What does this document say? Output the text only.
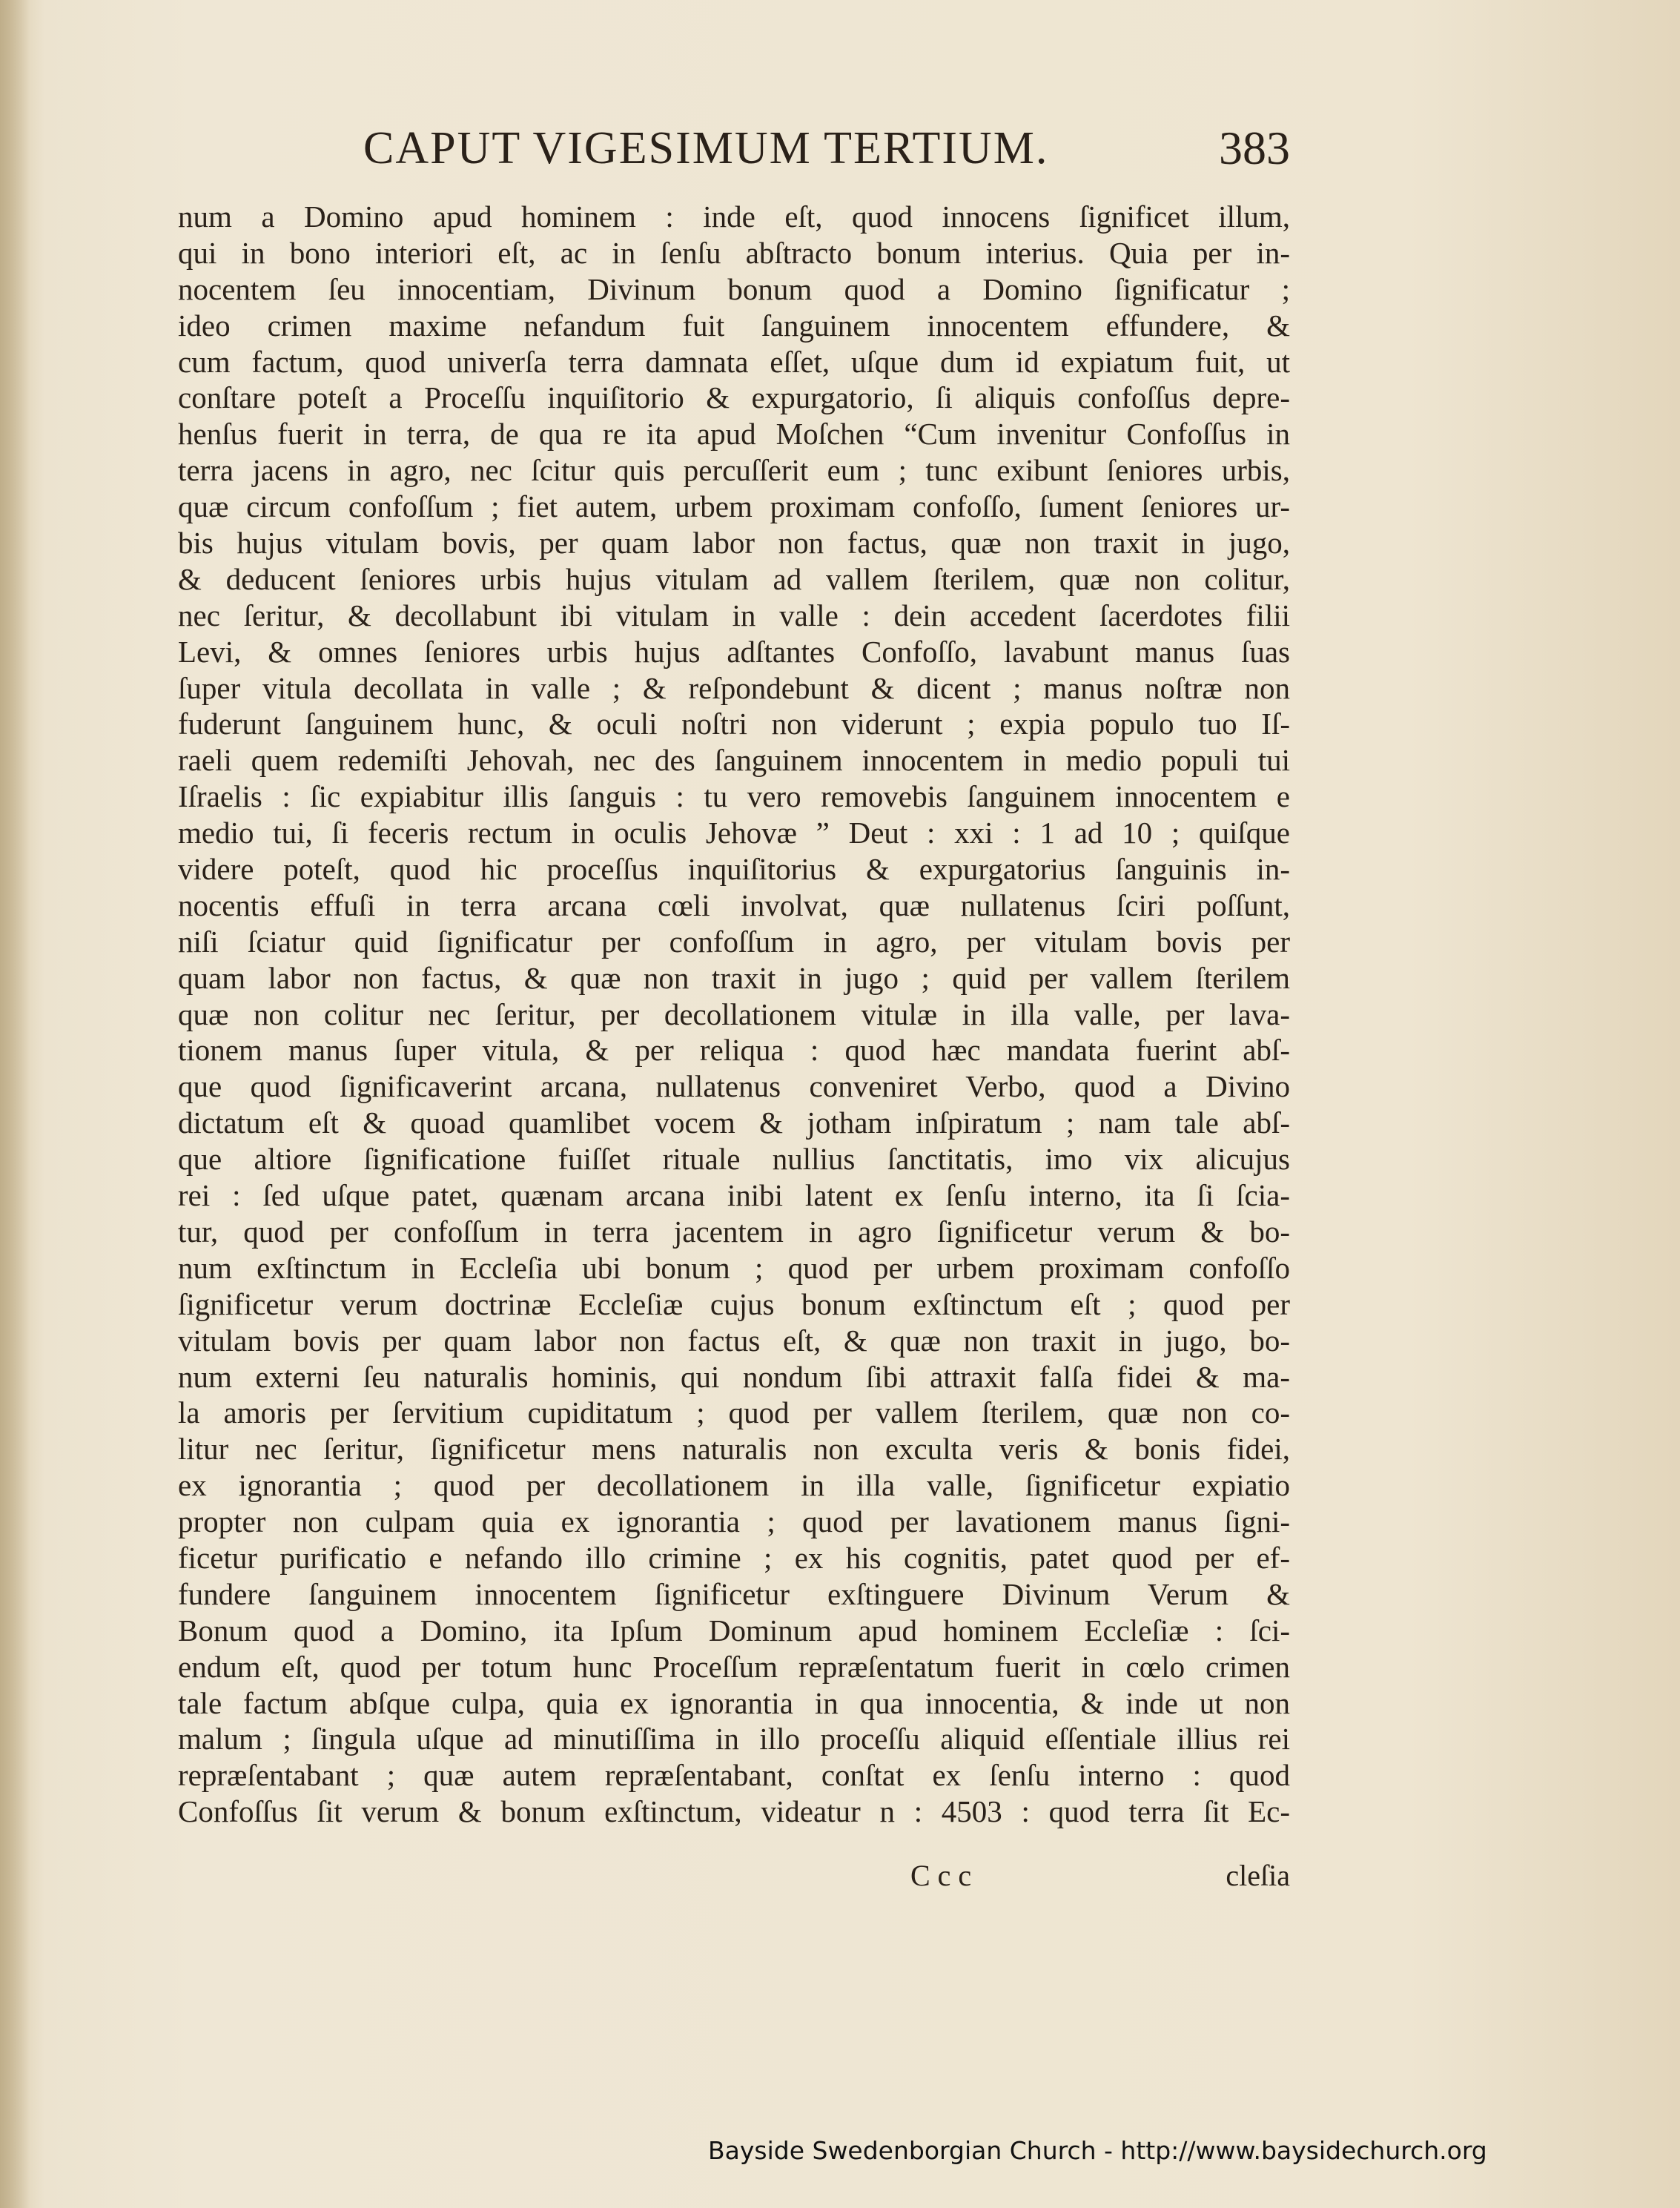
CAPUT VIGESIMUM TERTIUM.	383
num a Domino apud hominem : inde eſt, quod innocens ſignificet illum,
qui in bono interiori eſt, ac in ſenſu abſtracto bonum interius. Quia per in-
nocentem ſeu innocentiam, Divinum bonum quod a Domino ſignificatur ;
ideo crimen maxime nefandum fuit ſanguinem innocentem effundere, &
cum factum, quod univerſa terra damnata eſſet, uſque dum id expiatum fuit, ut
conſtare poteſt a Proceſſu inquiſitorio & expurgatorio, ſi aliquis confoſſus depre-
henſus fuerit in terra, de qua re ita apud Moſchen “Cum invenitur Confoſſus in
terra jacens in agro, nec ſcitur quis percuſſerit eum ; tunc exibunt ſeniores urbis,
quæ circum confoſſum ; fiet autem, urbem proximam confoſſo, ſument ſeniores ur-
bis hujus vitulam bovis, per quam labor non factus, quæ non traxit in jugo,
& deducent ſeniores urbis hujus vitulam ad vallem ſterilem, quæ non colitur,
nec ſeritur, & decollabunt ibi vitulam in valle : dein accedent ſacerdotes filii
Levi, & omnes ſeniores urbis hujus adſtantes Confoſſo, lavabunt manus ſuas
ſuper vitula decollata in valle ; & reſpondebunt & dicent ; manus noſtræ non
fuderunt ſanguinem hunc, & oculi noſtri non viderunt ; expia populo tuo Iſ-
raeli quem redemiſti Jehovah, nec des ſanguinem innocentem in medio populi tui
Iſraelis : ſic expiabitur illis ſanguis : tu vero removebis ſanguinem innocentem e
medio tui, ſi feceris rectum in oculis Jehovæ ” Deut : xxi : 1 ad 10 ; quiſque
videre poteſt, quod hic proceſſus inquiſitorius & expurgatorius ſanguinis in-
nocentis effuſi in terra arcana cœli involvat, quæ nullatenus ſciri poſſunt,
niſi ſciatur quid ſignificatur per confoſſum in agro, per vitulam bovis per
quam labor non factus, & quæ non traxit in jugo ; quid per vallem ſterilem
quæ non colitur nec ſeritur, per decollationem vitulæ in illa valle, per lava-
tionem manus ſuper vitula, & per reliqua : quod hæc mandata fuerint abſ-
que quod ſignificaverint arcana, nullatenus conveniret Verbo, quod a Divino
dictatum eſt & quoad quamlibet vocem & jotham inſpiratum ; nam tale abſ-
que altiore ſignificatione fuiſſet rituale nullius ſanctitatis, imo vix alicujus
rei : ſed uſque patet, quænam arcana inibi latent ex ſenſu interno, ita ſi ſcia-
tur, quod per confoſſum in terra jacentem in agro ſignificetur verum & bo-
num exſtinctum in Eccleſia ubi bonum ; quod per urbem proximam confoſſo
ſignificetur verum doctrinæ Eccleſiæ cujus bonum exſtinctum eſt ; quod per
vitulam bovis per quam labor non factus eſt, & quæ non traxit in jugo, bo-
num externi ſeu naturalis hominis, qui nondum ſibi attraxit falſa fidei & ma-
la amoris per ſervitium cupiditatum ; quod per vallem ſterilem, quæ non co-
litur nec ſeritur, ſignificetur mens naturalis non exculta veris & bonis fidei,
ex ignorantia ; quod per decollationem in illa valle, ſignificetur expiatio
propter non culpam quia ex ignorantia ; quod per lavationem manus ſigni-
ficetur purificatio e nefando illo crimine ; ex his cognitis, patet quod per ef-
fundere ſanguinem innocentem ſignificetur exſtinguere Divinum Verum &
Bonum quod a Domino, ita Ipſum Dominum apud hominem Eccleſiæ : ſci-
endum eſt, quod per totum hunc Proceſſum repræſentatum fuerit in cœlo crimen
tale factum abſque culpa, quia ex ignorantia in qua innocentia, & inde ut non
malum ; ſingula uſque ad minutiſſima in illo proceſſu aliquid eſſentiale illius rei
repræſentabant ; quæ autem repræſentabant, conſtat ex ſenſu interno : quod
Confoſſus ſit verum & bonum exſtinctum, videatur n : 4503 : quod terra ſit Ec-
C c c	cleſia
Bayside Swedenborgian Church - http://www.baysidechurch.org
